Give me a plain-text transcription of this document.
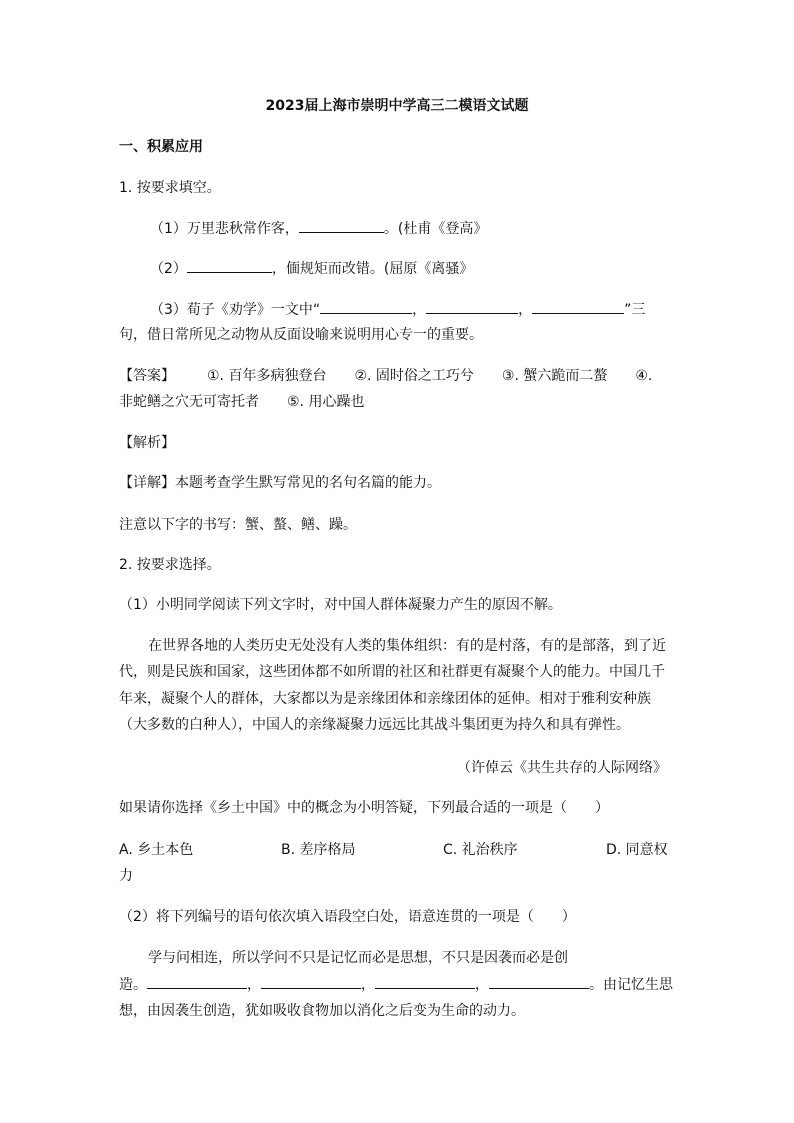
2023届上海市崇明中学高三二模语文试题
一、积累应用
1. 按要求填空。
（1）万里悲秋常作客，	。(杜甫《登高》
（2）	，偭规矩而改错。(屈原《离骚》
（3）荀子《劝学》一文中“	，	，	”三
句，借日常所见之动物从反面设喻来说明用心专一的重要。
【答案】 ①. 百年多病独登台 ②. 固时俗之工巧兮 ③. 蟹六跪而二螯 ④.
非蛇鳝之穴无可寄托者 ⑤. 用心躁也
【解析】
【详解】本题考查学生默写常见的名句名篇的能力。
注意以下字的书写：蟹、螯、鳝、躁。
2. 按要求选择。
（1）小明同学阅读下列文字时，对中国人群体凝聚力产生的原因不解。
在世界各地的人类历史无处没有人类的集体组织：有的是村落，有的是部落，到了近
代，则是民族和国家，这些团体都不如所谓的社区和社群更有凝聚个人的能力。中国几千
年来，凝聚个人的群体，大家都以为是亲缘团体和亲缘团体的延伸。相对于雅利安种族
（大多数的白种人），中国人的亲缘凝聚力远远比其战斗集团更为持久和具有弹性。
（许倬云《共生共存的人际网络》
如果请你选择《乡土中国》中的概念为小明答疑，下列最合适的一项是（　　）
A. 乡土本色	B. 差序格局	C. 礼治秩序	D. 同意权
力
（2）将下列编号的语句依次填入语段空白处，语意连贯的一项是（　　）
学与问相连，所以学问不只是记忆而必是思想，不只是因袭而必是创
造。	，	，	，	。由记忆生思
想，由因袭生创造，犹如吸收食物加以消化之后变为生命的动力。
